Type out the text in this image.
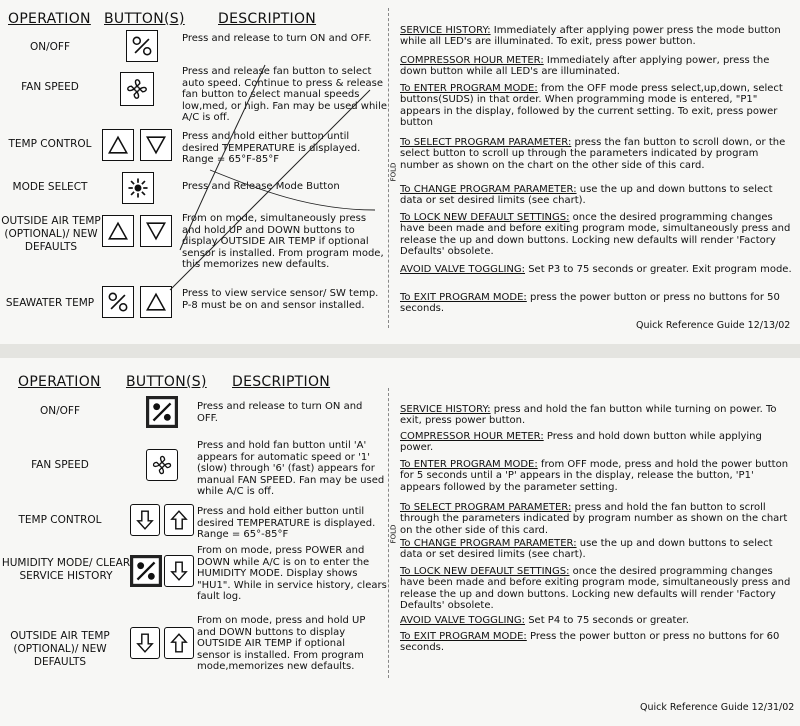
OPERATION BUTTON(S) DESCRIPTION
ON/OFF
Press and release to turn ON and OFF.
FAN SPEED
Press and release fan button to select auto speed. Continue to press & release fan button to select manual speeds low,med, or high. Fan may be used while A/C is off.
TEMP CONTROL
Press and hold either button until desired TEMPERATURE is displayed. Range = 65°F-85°F
MODE SELECT	Press and Release Mode Button
OUTSIDE AIR TEMP (OPTIONAL)/ NEW DEFAULTS
From on mode, simultaneously press and hold UP and DOWN buttons to display OUTSIDE AIR TEMP if optional sensor is installed. From program mode, this memorizes new defaults.
SEAWATER TEMP
Press to view service sensor/ SW temp. P-8 must be on and sensor installed.
FOLD

SERVICE HISTORY: Immediately after applying power press the mode button while all LED's are illuminated. To exit, press power button.

COMPRESSOR HOUR METER: Immediately after applying power, press the down button while all LED's are illuminated.

To ENTER PROGRAM MODE: from the OFF mode press select,up,down, select buttons(SUDS) in that order. When programming mode is entered, "P1" appears in the display, followed by the current setting. To exit, press power button

To SELECT PROGRAM PARAMETER: press the fan button to scroll down, or the select button to scroll up through the parameters indicated by program number as shown on the chart on the other side of this card.

To CHANGE PROGRAM PARAMETER: use the up and down buttons to select data or set desired limits (see chart).

To LOCK NEW DEFAULT SETTINGS: once the desired programming changes have been made and before exiting program mode, simultaneously press and release the up and down buttons. Locking new defaults will render 'Factory Defaults' obsolete.

AVOID VALVE TOGGLING: Set P3 to 75 seconds or greater. Exit program mode.

To EXIT PROGRAM MODE: press the power button or press no buttons for 50 seconds.

Quick Reference Guide 12/13/02
OPERATION BUTTON(S) DESCRIPTION
ON/OFF	Press and release to turn ON and OFF.
FAN SPEED
Press and hold fan button until 'A' appears for automatic speed or '1' (slow) through '6' (fast) appears for manual FAN SPEED. Fan may be used while A/C is off.
TEMP CONTROL
Press and hold either button until desired TEMPERATURE is displayed. Range = 65°-85°F
HUMIDITY MODE/ CLEAR SERVICE HISTORY
From on mode, press POWER and DOWN while A/C is on to enter the HUMIDITY MODE. Display shows "HU1". While in service history, clears fault log.
OUTSIDE AIR TEMP (OPTIONAL)/ NEW DEFAULTS
From on mode, press and hold UP and DOWN buttons to display OUTSIDE AIR TEMP if optional sensor is installed. From program mode,memorizes new defaults.
FOLD

SERVICE HISTORY: press and hold the fan button while turning on power. To exit, press power button.

COMPRESSOR HOUR METER: Press and hold down button while applying power.

To ENTER PROGRAM MODE: from OFF mode, press and hold the power button for 5 seconds until a 'P' appears in the display, release the button, 'P1' appears followed by the parameter setting.

To SELECT PROGRAM PARAMETER: press and hold the fan button to scroll through the parameters indicated by program number as shown on the chart on the other side of this card.

To CHANGE PROGRAM PARAMETER: use the up and down buttons to select data or set desired limits (see chart).

To LOCK NEW DEFAULT SETTINGS: once the desired programming changes have been made and before exiting program mode, simultaneously press and release the up and down buttons. Locking new defaults will render 'Factory Defaults' obsolete.

AVOID VALVE TOGGLING: Set P4 to 75 seconds or greater.

To EXIT PROGRAM MODE: Press the power button or press no buttons for 60 seconds.

Quick Reference Guide 12/31/02
